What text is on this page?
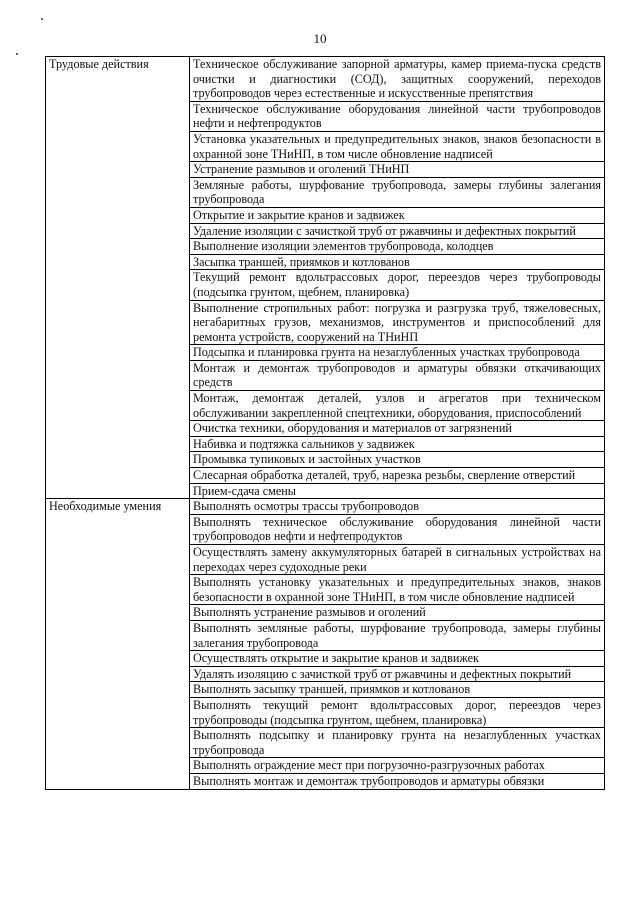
10
Трудовые действия	Техническое обслуживание запорной арматуры, камер приема-пуска средств очистки и диагностики (СОД), защитных сооружений, переходов трубопроводов через естественные и искусственные препятствия
	Техническое обслуживание оборудования линейной части трубопроводов нефти и нефтепродуктов
	Установка указательных и предупредительных знаков, знаков безопасности в охранной зоне ТНиНП, в том числе обновление надписей
	Устранение размывов и оголений ТНиНП
	Земляные работы, шурфование трубопровода, замеры глубины залегания трубопровода
	Открытие и закрытие кранов и задвижек
	Удаление изоляции с зачисткой труб от ржавчины и дефектных покрытий
	Выполнение изоляции элементов трубопровода, колодцев
	Засыпка траншей, приямков и котлованов
	Текущий ремонт вдольтрассовых дорог, переездов через трубопроводы (подсыпка грунтом, щебнем, планировка)
	Выполнение стропильных работ: погрузка и разгрузка труб, тяжеловесных, негабаритных грузов, механизмов, инструментов и приспособлений для ремонта устройств, сооружений на ТНиНП
	Подсыпка и планировка грунта на незаглубленных участках трубопровода
	Монтаж и демонтаж трубопроводов и арматуры обвязки откачивающих средств
	Монтаж, демонтаж деталей, узлов и агрегатов при техническом обслуживании закрепленной спецтехники, оборудования, приспособлений
	Очистка техники, оборудования и материалов от загрязнений
	Набивка и подтяжка сальников у задвижек
	Промывка тупиковых и застойных участков
	Слесарная обработка деталей, труб, нарезка резьбы, сверление отверстий
	Прием-сдача смены
Необходимые умения	Выполнять осмотры трассы трубопроводов
	Выполнять техническое обслуживание оборудования линейной части трубопроводов нефти и нефтепродуктов
	Осуществлять замену аккумуляторных батарей в сигнальных устройствах на переходах через судоходные реки
	Выполнять установку указательных и предупредительных знаков, знаков безопасности в охранной зоне ТНиНП, в том числе обновление надписей
	Выполнять устранение размывов и оголений
	Выполнять земляные работы, шурфование трубопровода, замеры глубины залегания трубопровода
	Осуществлять открытие и закрытие кранов и задвижек
	Удалять изоляцию с зачисткой труб от ржавчины и дефектных покрытий
	Выполнять засыпку траншей, приямков и котлованов
	Выполнять текущий ремонт вдольтрассовых дорог, переездов через трубопроводы (подсыпка грунтом, щебнем, планировка)
	Выполнять подсыпку и планировку грунта на незаглубленных участках трубопровода
	Выполнять ограждение мест при погрузочно-разгрузочных работах
	Выполнять монтаж и демонтаж трубопроводов и арматуры обвязки
